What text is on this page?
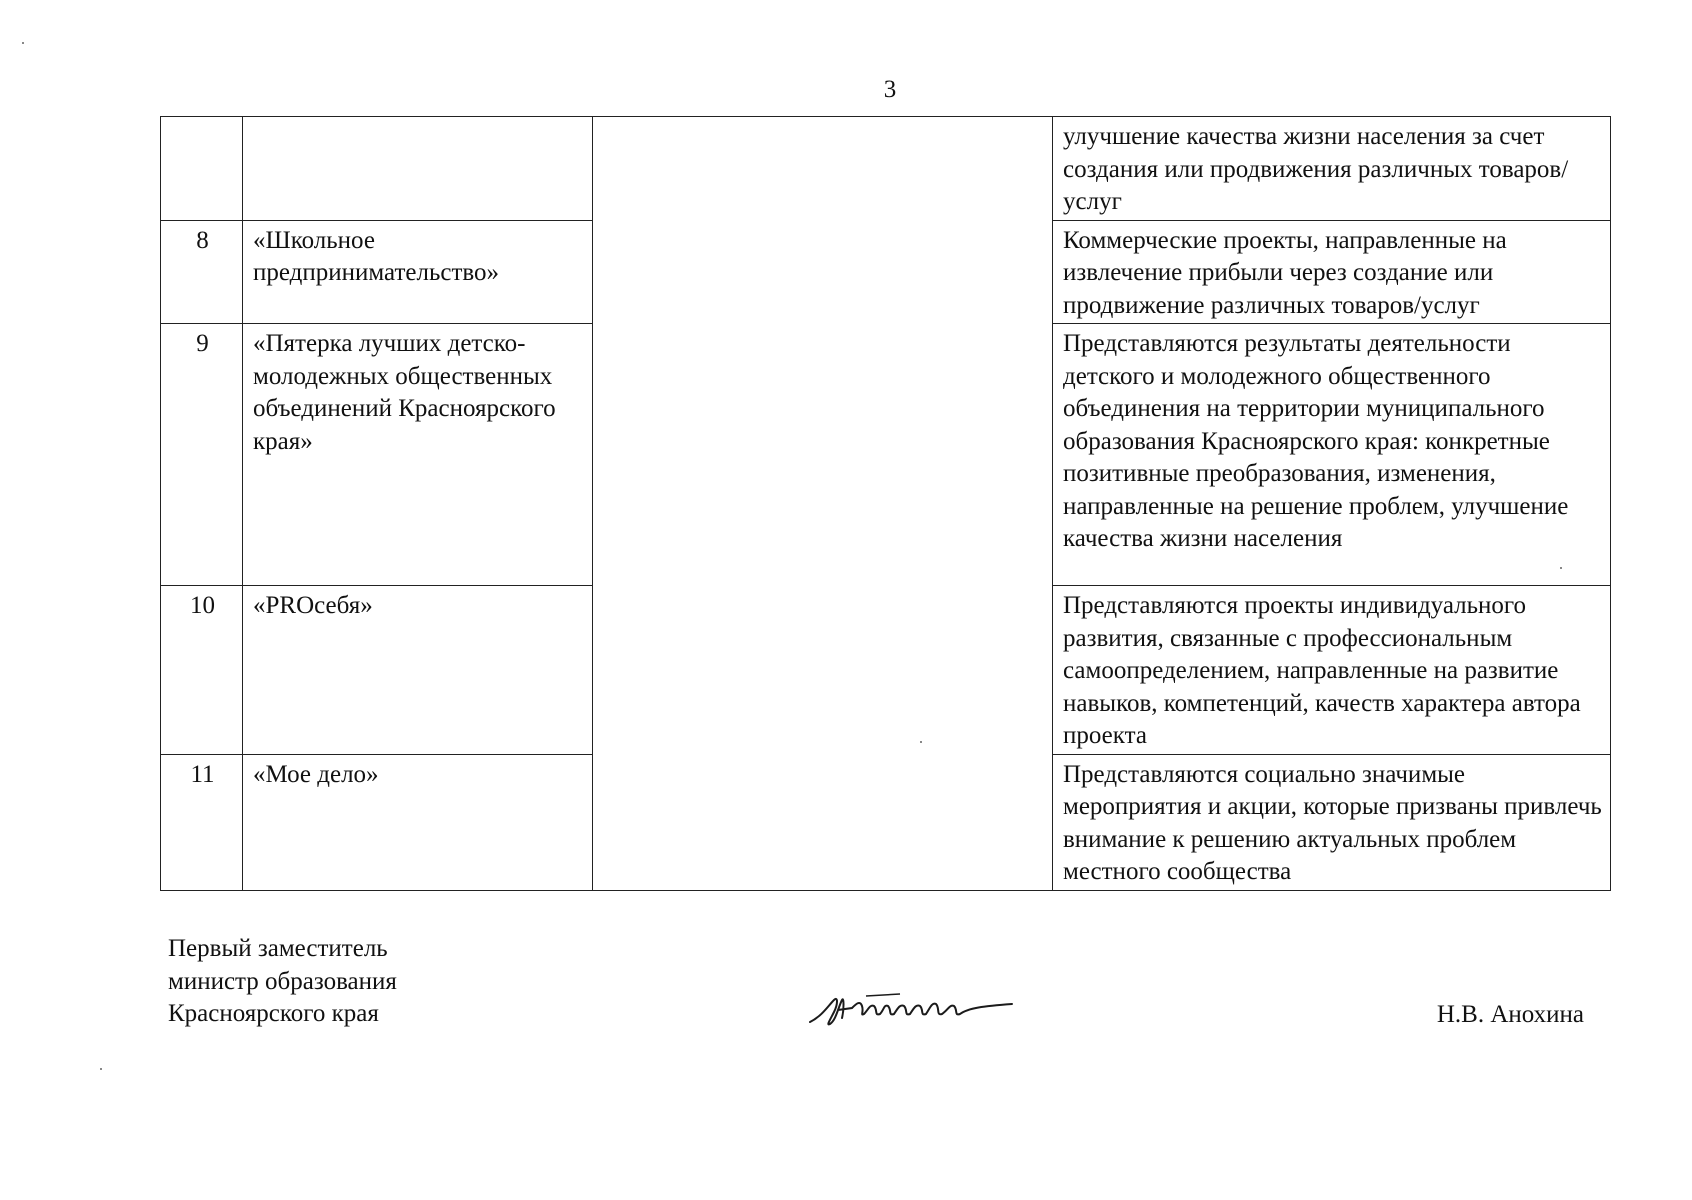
3
			улучшение качества жизни населения за счет создания или продвижения различных товаров/услуг
8	«Школьное предпринимательство»		Коммерческие проекты, направленные на извлечение прибыли через создание или продвижение различных товаров/услуг
9	«Пятерка лучших детско-молодежных общественных объединений Красноярского края»		Представляются результаты деятельности детского и молодежного общественного объединения на территории муниципального образования Красноярского края: конкретные позитивные преобразования, изменения, направленные на решение проблем, улучшение качества жизни населения
10	«PROсебя»		Представляются проекты индивидуального развития, связанные с профессиональным самоопределением, направленные на развитие навыков, компетенций, качеств характера автора проекта
11	«Мое дело»		Представляются социально значимые мероприятия и акции, которые призваны привлечь внимание к решению актуальных проблем местного сообщества
Первый заместитель
министр образования
Красноярского края	Н.В. Анохина
